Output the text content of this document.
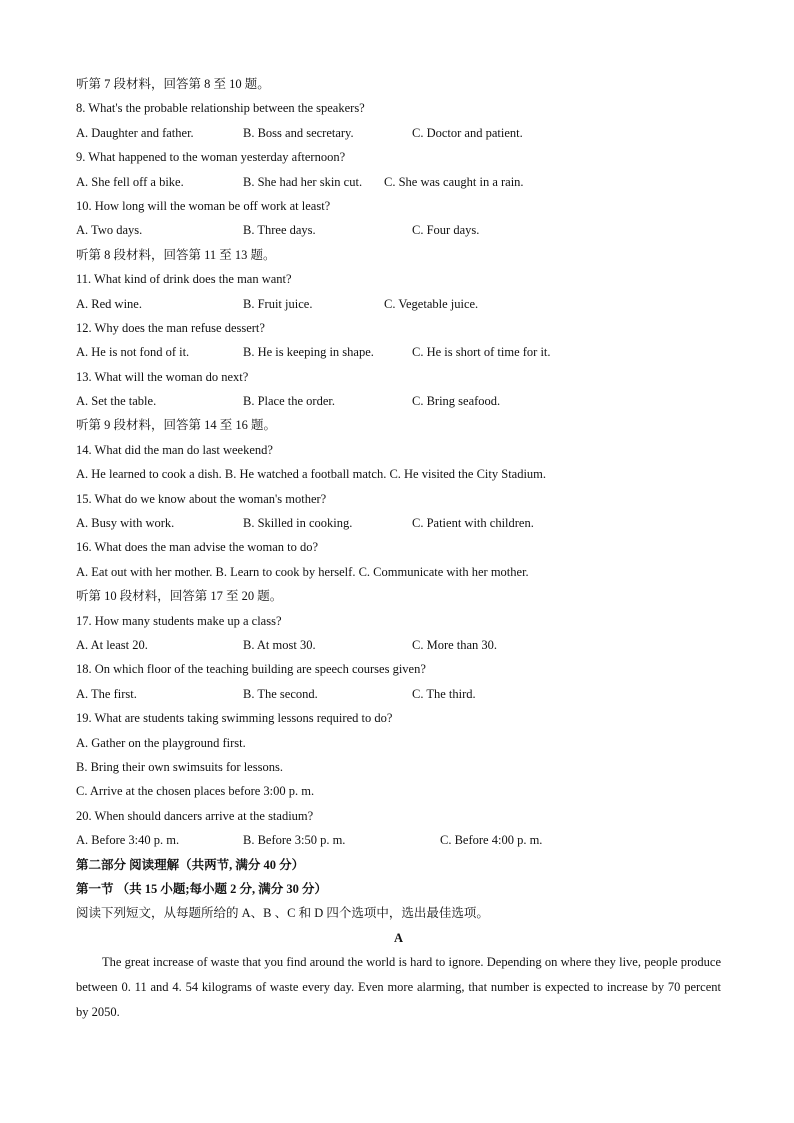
听第 7 段材料，回答第 8 至 10 题。
8. What's the probable relationship between the speakers?
A. Daughter and father.	B. Boss and secretary.	C. Doctor and patient.
9. What happened to the woman yesterday afternoon?
A. She fell off a bike.	B. She had her skin cut. C. She was caught in a rain.
10. How long will the woman be off work at least?
A. Two days.	B. Three days.	C. Four days.
听第 8 段材料，回答第 11 至 13 题。
11. What kind of drink does the man want?
A. Red wine.	B. Fruit juice.	C. Vegetable juice.
12. Why does the man refuse dessert?
A. He is not fond of it.	B. He is keeping in shape.	C. He is short of time for it.
13. What will the woman do next?
A. Set the table.	B. Place the order.	C. Bring seafood.
听第 9 段材料，回答第 14 至 16 题。
14. What did the man do last weekend?
A. He learned to cook a dish. B. He watched a football match. C. He visited the City Stadium.
15. What do we know about the woman's mother?
A. Busy with work.	B. Skilled in cooking.	C. Patient with children.
16. What does the man advise the woman to do?
A. Eat out with her mother. B. Learn to cook by herself. C. Communicate with her mother.
听第 10 段材料，回答第 17 至 20 题。
17. How many students make up a class?
A. At least 20.	B. At most 30.	C. More than 30.
18. On which floor of the teaching building are speech courses given?
A. The first.	B. The second.	C. The third.
19. What are students taking swimming lessons required to do?
A. Gather on the playground first.
B. Bring their own swimsuits for lessons.
C. Arrive at the chosen places before 3:00 p. m.
20. When should dancers arrive at the stadium?
A. Before 3:40 p. m.	B. Before 3:50 p. m.	C. Before 4:00 p. m.
第二部分 阅读理解（共两节, 满分 40 分）
第一节 （共 15 小题;每小题 2 分, 满分 30 分）
阅读下列短文，从每题所给的 A、B 、C 和 D 四个选项中，选出最佳选项。
A

The great increase of waste that you find around the world is hard to ignore. Depending on where they live, people produce between 0. 11 and 4. 54 kilograms of waste every day. Even more alarming, that number is expected to increase by 70 percent by 2050.
